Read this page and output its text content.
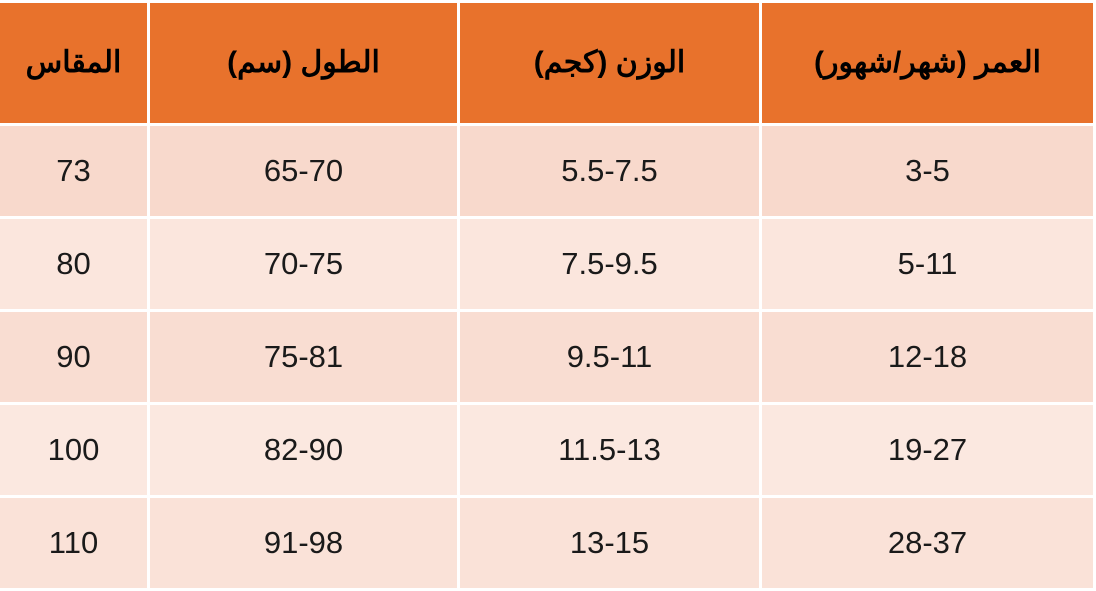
العمر (شهر/شهور)	الوزن (كجم)	الطول (سم)	المقاس

3-5	5.5-7.5	65-70	73

5-11	7.5-9.5	70-75	80

12-18	9.5-11	75-81	90

19-27	11.5-13	82-90	100

28-37	13-15	91-98	110
